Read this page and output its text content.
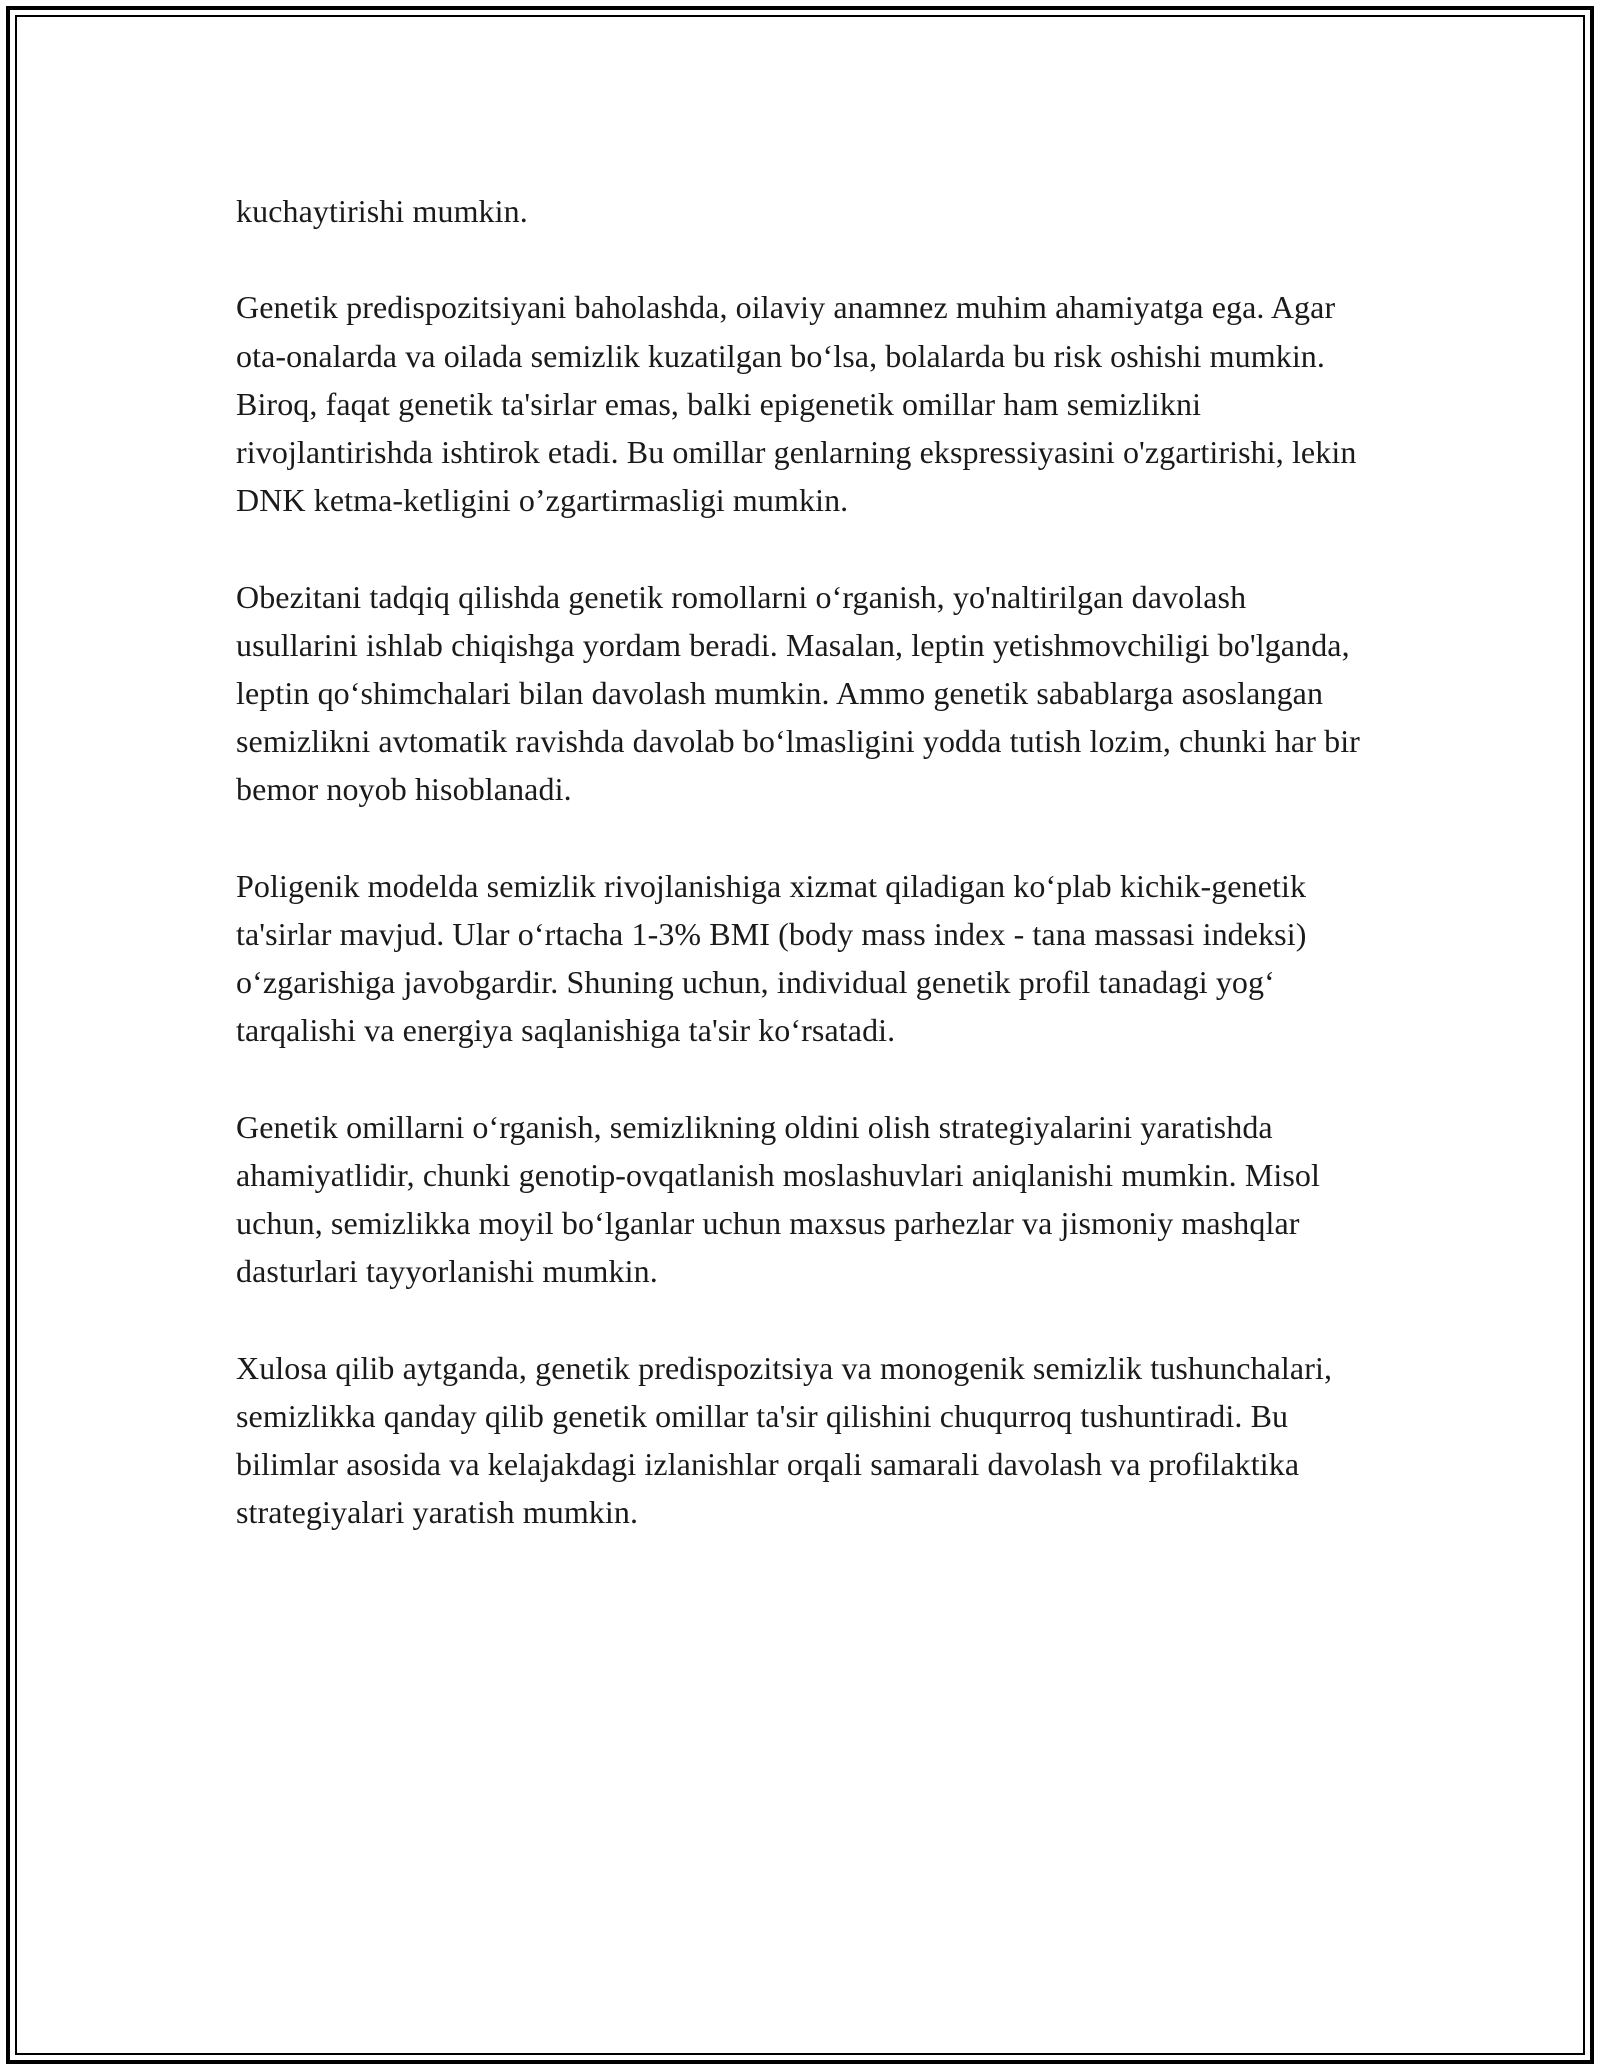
kuchaytirishi mumkin.

Genetik predispozitsiyani baholashda, oilaviy anamnez muhim ahamiyatga ega. Agar ota-onalarda va oilada semizlik kuzatilgan bo‘lsa, bolalarda bu risk oshishi mumkin. Biroq, faqat genetik ta'sirlar emas, balki epigenetik omillar ham semizlikni rivojlantirishda ishtirok etadi. Bu omillar genlarning ekspressiyasini o'zgartirishi, lekin DNK ketma-ketligini o’zgartirmasligi mumkin.

Obezitani tadqiq qilishda genetik romollarni o‘rganish, yo'naltirilgan davolash usullarini ishlab chiqishga yordam beradi. Masalan, leptin yetishmovchiligi bo'lganda, leptin qo‘shimchalari bilan davolash mumkin. Ammo genetik sabablarga asoslangan semizlikni avtomatik ravishda davolab bo‘lmasligini yodda tutish lozim, chunki har bir bemor noyob hisoblanadi.

Poligenik modelda semizlik rivojlanishiga xizmat qiladigan ko‘plab kichik-genetik ta'sirlar mavjud. Ular o‘rtacha 1-3% BMI (body mass index - tana massasi indeksi) o‘zgarishiga javobgardir. Shuning uchun, individual genetik profil tanadagi yog‘ tarqalishi va energiya saqlanishiga ta'sir ko‘rsatadi.

Genetik omillarni o‘rganish, semizlikning oldini olish strategiyalarini yaratishda ahamiyatlidir, chunki genotip-ovqatlanish moslashuvlari aniqlanishi mumkin. Misol uchun, semizlikka moyil bo‘lganlar uchun maxsus parhezlar va jismoniy mashqlar dasturlari tayyorlanishi mumkin.

Xulosa qilib aytganda, genetik predispozitsiya va monogenik semizlik tushunchalari, semizlikka qanday qilib genetik omillar ta'sir qilishini chuqurroq tushuntiradi. Bu bilimlar asosida va kelajakdagi izlanishlar orqali samarali davolash va profilaktika strategiyalari yaratish mumkin.
